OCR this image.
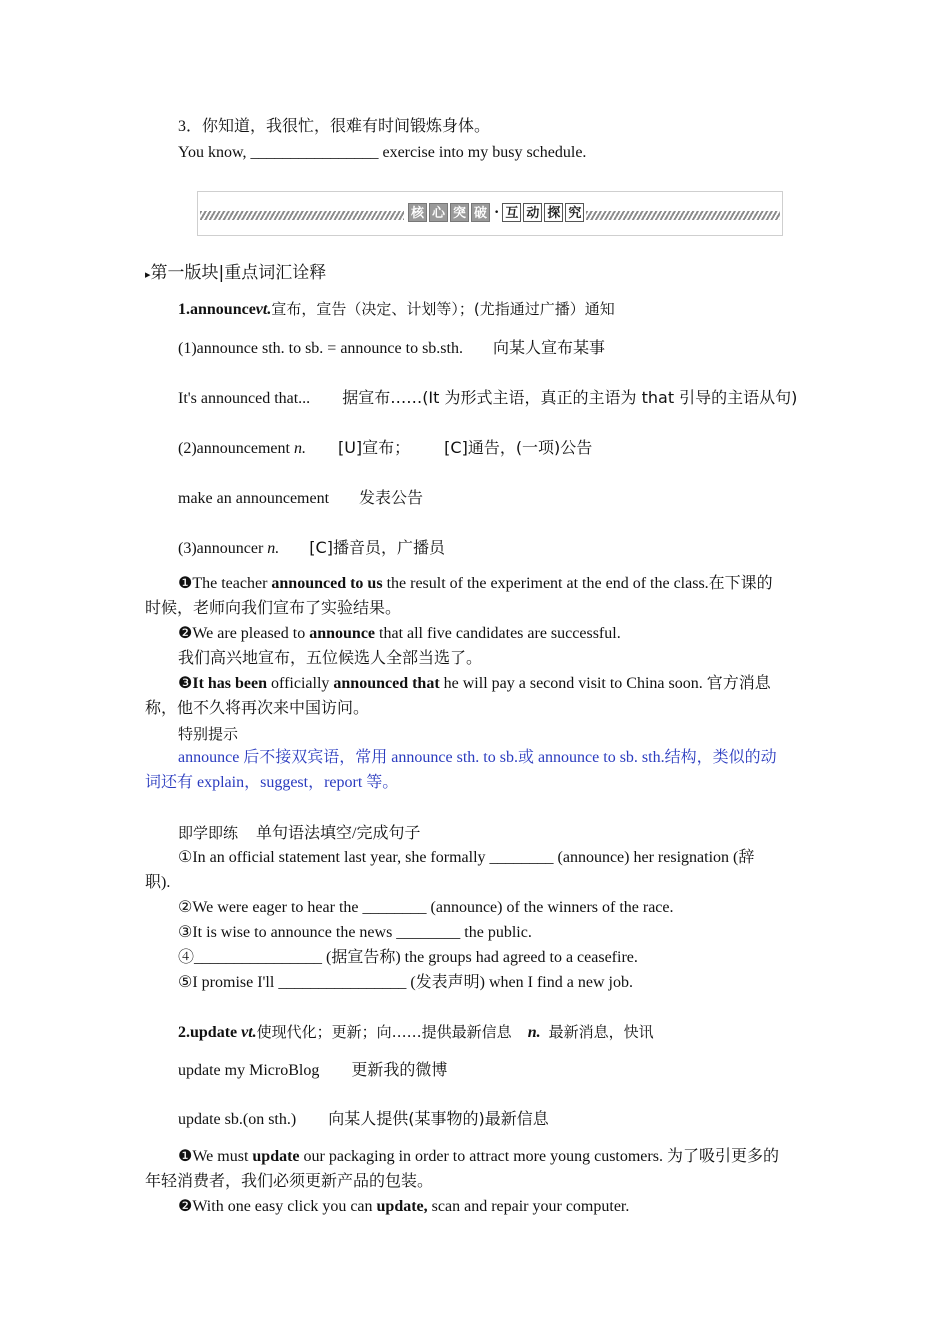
3．你知道，我很忙，很难有时间锻炼身体。
You know, ________________ exercise into my busy schedule.
核 心 突 破 · 互 动 探 究
▸第一版块|重点词汇诠释
1.announcevt.宣布，宣告（决定、计划等）；(尤指通过广播）通知
(1)announce sth. to sb. = announce to sb.sth. 向某人宣布某事
It's announced that... 据宣布……(It 为形式主语，真正的主语为 that 引导的主语从句)
(2)announcement n. [U]宣布； [C]通告，(一项)公告
make an announcement 发表公告
(3)announcer n. [C]播音员，广播员
❶The teacher announced to us the result of the experiment at the end of the class.在下课的
时候，老师向我们宣布了实验结果。
❷We are pleased to announce that all five candidates are successful.
我们高兴地宣布，五位候选人全部当选了。
❸It has been officially announced that he will pay a second visit to China soon. 官方消息
称，他不久将再次来中国访问。
特别提示
announce 后不接双宾语，常用 announce sth. to sb.或 announce to sb. sth.结构，类似的动
词还有 explain，suggest，report 等。
即学即练 单句语法填空/完成句子
①In an official statement last year, she formally ________ (announce) her resignation (辞
职).
②We were eager to hear the ________ (announce) of the winners of the race.
③It is wise to announce the news ________ the public.
④________________ (据宣告称) the groups had agreed to a ceasefire.
⑤I promise I'll ________________ (发表声明) when I find a new job.
2.update vt.使现代化；更新；向……提供最新信息 n. 最新消息，快讯
update my MicroBlog 更新我的微博
update sb.(on sth.) 向某人提供(某事物的)最新信息
❶We must update our packaging in order to attract more young customers. 为了吸引更多的
年轻消费者，我们必须更新产品的包装。
❷With one easy click you can update, scan and repair your computer.
